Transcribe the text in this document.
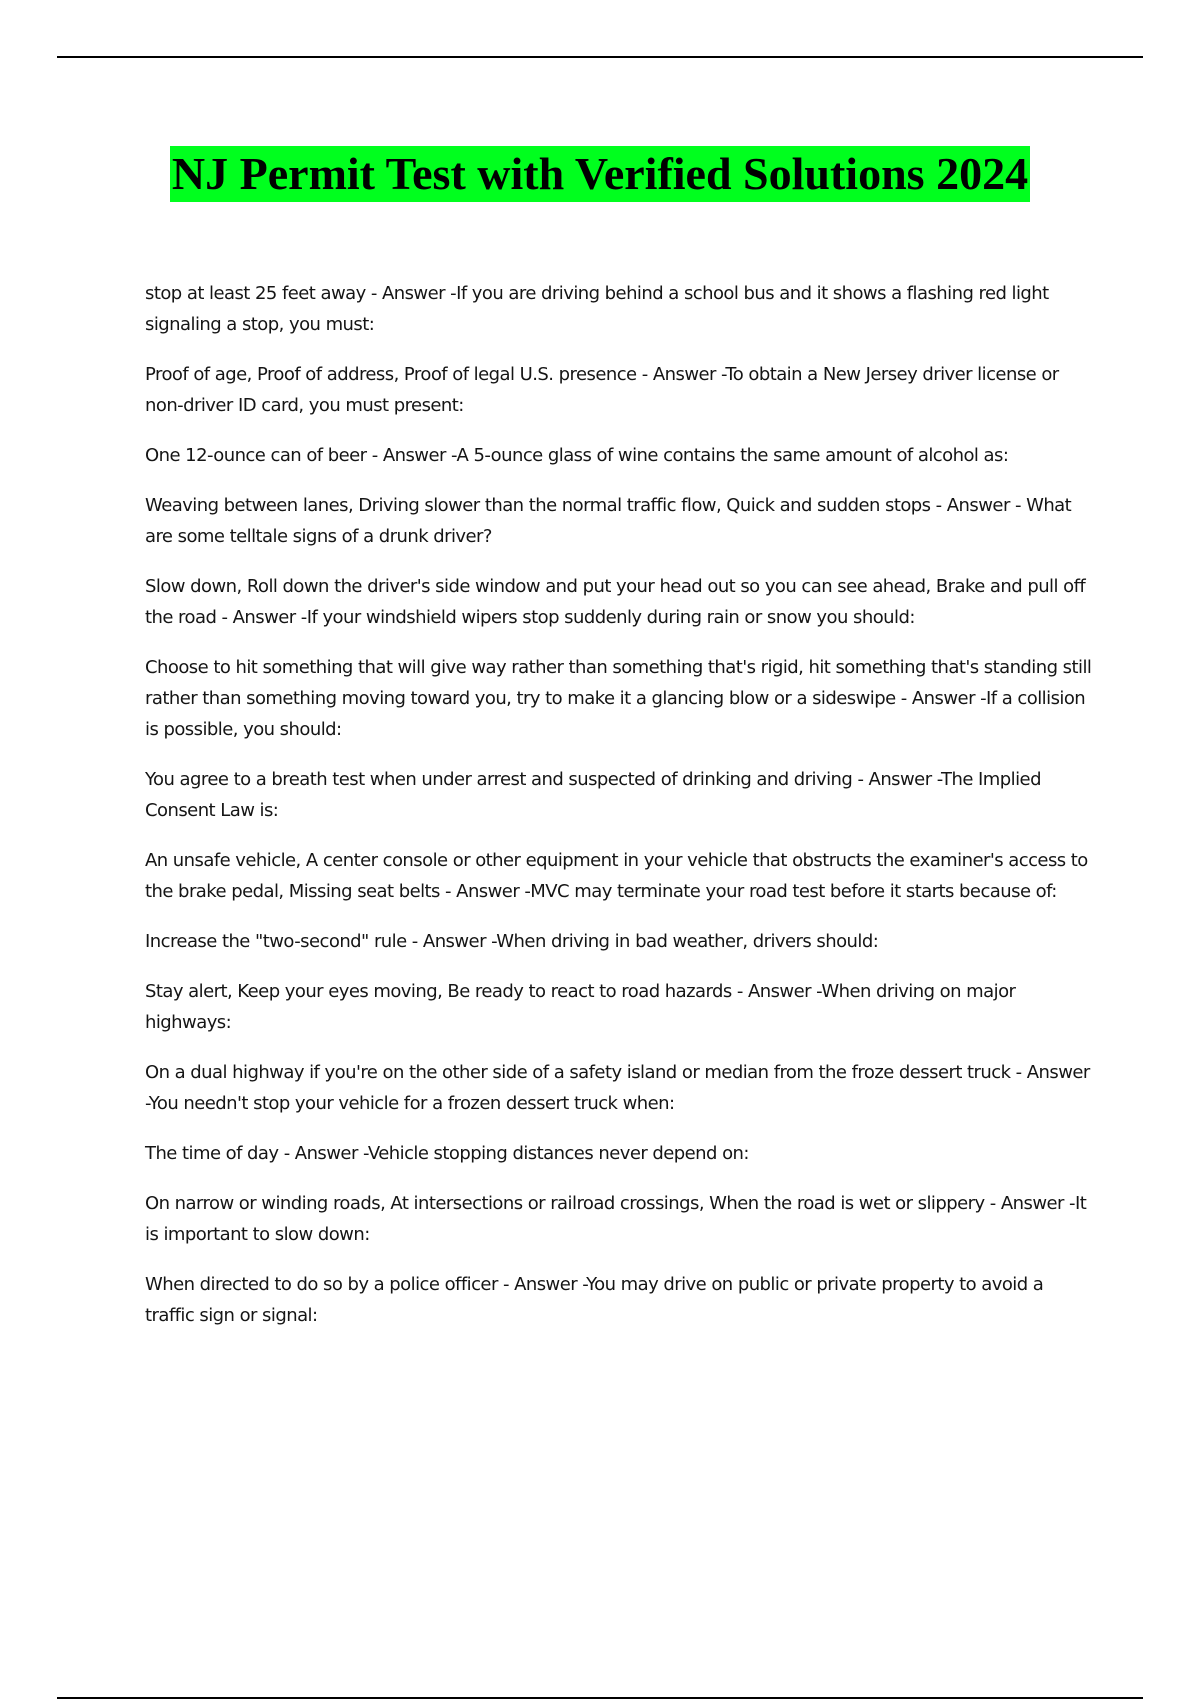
NJ Permit Test with Verified Solutions 2024

stop at least 25 feet away - Answer -If you are driving behind a school bus and it shows a flashing red light signaling a stop, you must:

Proof of age, Proof of address, Proof of legal U.S. presence - Answer -To obtain a New Jersey driver license or non-driver ID card, you must present:

One 12-ounce can of beer - Answer -A 5-ounce glass of wine contains the same amount of alcohol as:

Weaving between lanes, Driving slower than the normal traffic flow, Quick and sudden stops - Answer - What are some telltale signs of a drunk driver?

Slow down, Roll down the driver's side window and put your head out so you can see ahead, Brake and pull off the road - Answer -If your windshield wipers stop suddenly during rain or snow you should:

Choose to hit something that will give way rather than something that's rigid, hit something that's standing still rather than something moving toward you, try to make it a glancing blow or a sideswipe - Answer -If a collision is possible, you should:

You agree to a breath test when under arrest and suspected of drinking and driving - Answer -The Implied Consent Law is:

An unsafe vehicle, A center console or other equipment in your vehicle that obstructs the examiner's access to the brake pedal, Missing seat belts - Answer -MVC may terminate your road test before it starts because of:

Increase the "two-second" rule - Answer -When driving in bad weather, drivers should:

Stay alert, Keep your eyes moving, Be ready to react to road hazards - Answer -When driving on major highways:

On a dual highway if you're on the other side of a safety island or median from the froze dessert truck - Answer -You needn't stop your vehicle for a frozen dessert truck when:

The time of day - Answer -Vehicle stopping distances never depend on:

On narrow or winding roads, At intersections or railroad crossings, When the road is wet or slippery - Answer -It is important to slow down:

When directed to do so by a police officer - Answer -You may drive on public or private property to avoid a traffic sign or signal:
